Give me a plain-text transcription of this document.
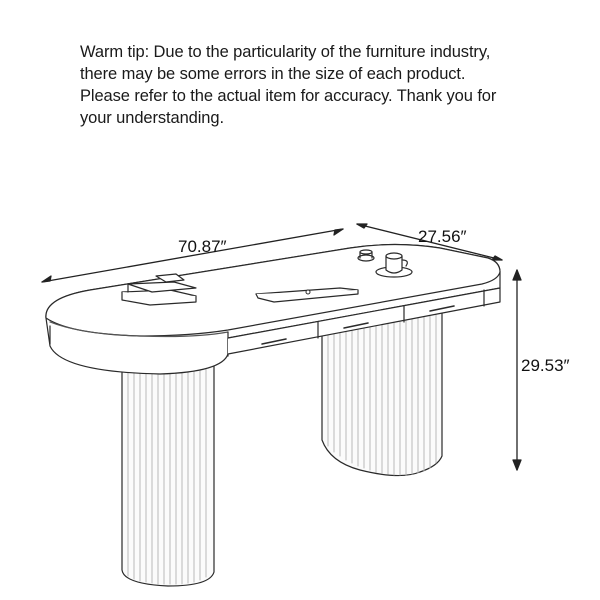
Warm tip: Due to the particularity of the furniture industry,
there may be some errors in the size of each product.
Please refer to the actual item for accuracy. Thank you for
your understanding.
70.87″
27.56″
29.53″
